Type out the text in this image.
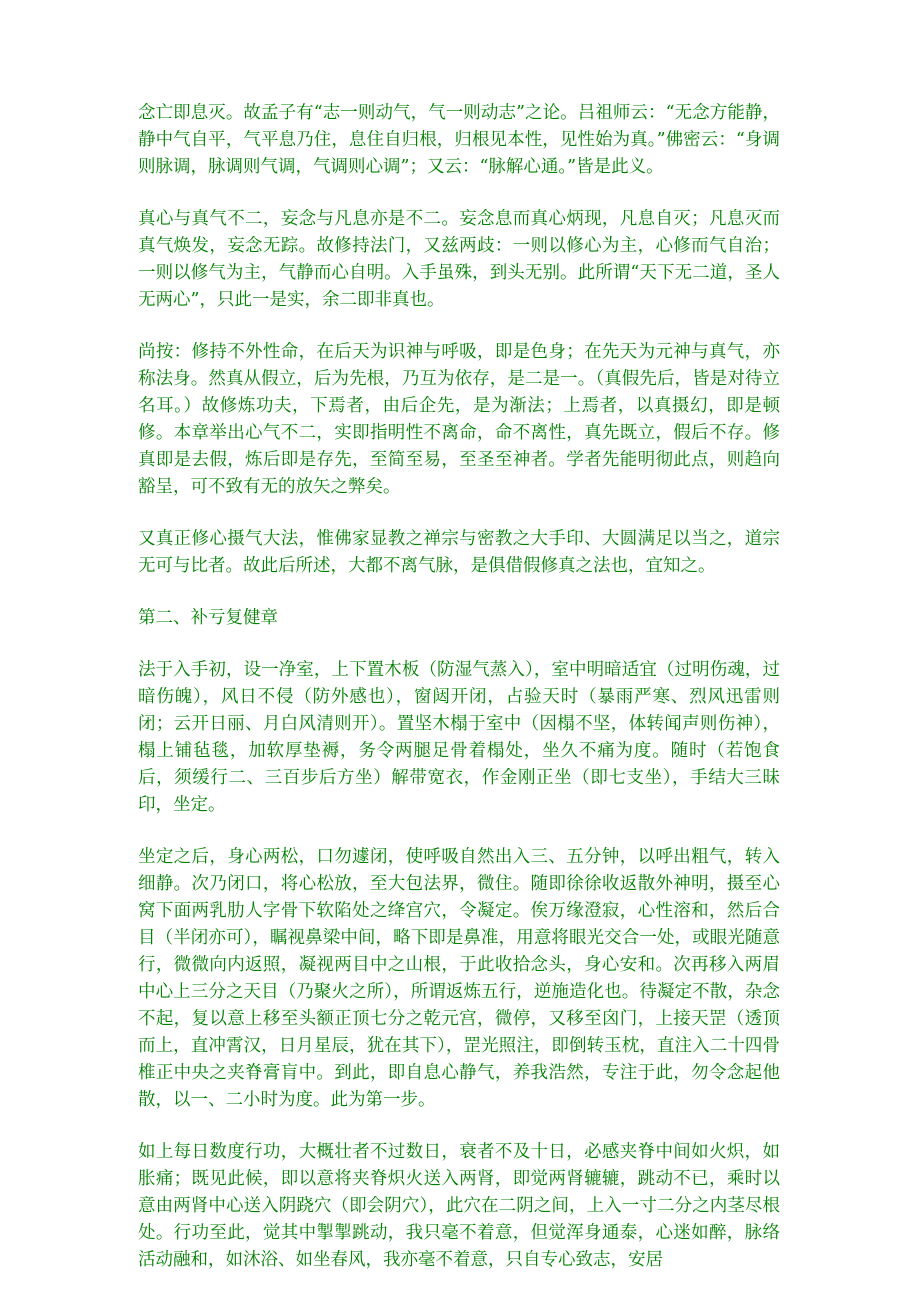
念亡即息灭。故孟子有“志一则动气，气一则动志”之论。吕祖师云：“无念方能静，静中气自平，气平息乃住，息住自归根，归根见本性，见性始为真。”佛密云：“身调则脉调，脉调则气调，气调则心调”；又云：“脉解心通。”皆是此义。

真心与真气不二，妄念与凡息亦是不二。妄念息而真心炳现，凡息自灭；凡息灭而真气焕发，妄念无踪。故修持法门，又兹两歧：一则以修心为主，心修而气自治；一则以修气为主，气静而心自明。入手虽殊，到头无别。此所谓“天下无二道，圣人无两心”，只此一是实，余二即非真也。

尚按：修持不外性命，在后天为识神与呼吸，即是色身；在先天为元神与真气，亦称法身。然真从假立，后为先根，乃互为依存，是二是一。（真假先后，皆是对待立名耳。）故修炼功夫，下焉者，由后企先，是为渐法；上焉者，以真摄幻，即是顿修。本章举出心气不二，实即指明性不离命，命不离性，真先既立，假后不存。修真即是去假，炼后即是存先，至简至易，至圣至神者。学者先能明彻此点，则趋向豁呈，可不致有无的放矢之弊矣。

又真正修心摄气大法，惟佛家显教之禅宗与密教之大手印、大圆满足以当之，道宗无可与比者。故此后所述，大都不离气脉，是俱借假修真之法也，宜知之。

第二、补亏复健章

法于入手初，设一净室，上下置木板（防湿气蒸入），室中明暗适宜（过明伤魂，过暗伤魄），风日不侵（防外感也），窗闼开闭，占验天时（暴雨严寒、烈风迅雷则闭；云开日丽、月白风清则开）。置坚木榻于室中（因榻不坚，体转闻声则伤神），榻上铺毡毯，加软厚垫褥，务令两腿足骨着榻处，坐久不痛为度。随时（若饱食后，须缓行二、三百步后方坐）解带宽衣，作金刚正坐（即七支坐），手结大三昧印，坐定。

坐定之后，身心两松，口勿遽闭，使呼吸自然出入三、五分钟，以呼出粗气，转入细静。次乃闭口，将心松放，至大包法界，微住。随即徐徐收返散外神明，摄至心窝下面两乳肋人字骨下软陷处之绛宫穴，令凝定。俟万缘澄寂，心性溶和，然后合目（半闭亦可），瞩视鼻梁中间，略下即是鼻准，用意将眼光交合一处，或眼光随意行，微微向内返照，凝视两目中之山根，于此收拾念头，身心安和。次再移入两眉中心上三分之天目（乃聚火之所），所谓返炼五行，逆施造化也。待凝定不散，杂念不起，复以意上移至头额正顶七分之乾元宫，微停，又移至囟门，上接天罡（透顶而上，直冲霄汉，日月星辰，犹在其下），罡光照注，即倒转玉枕，直注入二十四骨椎正中央之夹脊膏肓中。到此，即自息心静气，养我浩然，专注于此，勿令念起他散，以一、二小时为度。此为第一步。

如上每日数度行功，大概壮者不过数日，衰者不及十日，必感夹脊中间如火炽，如胀痛；既见此候，即以意将夹脊炽火送入两肾，即觉两肾辘辘，跳动不已，乘时以意由两肾中心送入阴跷穴（即会阴穴），此穴在二阴之间，上入一寸二分之内茎尽根处。行功至此，觉其中掣掣跳动，我只毫不着意，但觉浑身通泰，心迷如醉，脉络活动融和，如沐浴、如坐春风，我亦毫不着意，只自专心致志，安居
